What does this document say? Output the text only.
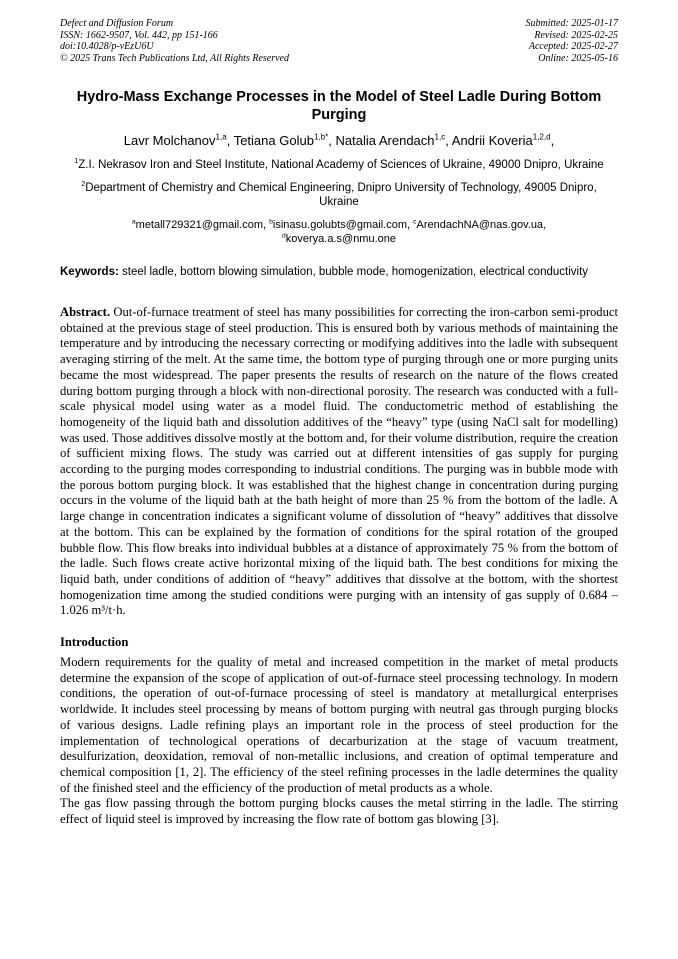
Defect and Diffusion Forum
ISSN: 1662-9507, Vol. 442, pp 151-166
doi:10.4028/p-vEzU6U
© 2025 Trans Tech Publications Ltd, All Rights Reserved
Submitted: 2025-01-17
Revised: 2025-02-25
Accepted: 2025-02-27
Online: 2025-05-16
Hydro-Mass Exchange Processes in the Model of Steel Ladle During Bottom Purging
Lavr Molchanov$^{1,a}$, Tetiana Golub$^{1,b*}$, Natalia Arendach$^{1,c}$, Andrii Koveria$^{1,2,d}$,
$^1$Z.I. Nekrasov Iron and Steel Institute, National Academy of Sciences of Ukraine, 49000 Dnipro, Ukraine
$^2$Department of Chemistry and Chemical Engineering, Dnipro University of Technology, 49005 Dnipro, Ukraine
$^a$metall729321@gmail.com, $^b$isinasu.golubts@gmail.com, $^c$ArendachNA@nas.gov.ua, $^d$koverya.a.s@nmu.one

Keywords: steel ladle, bottom blowing simulation, bubble mode, homogenization, electrical conductivity

Abstract. Out-of-furnace treatment of steel has many possibilities for correcting the iron-carbon semi-product obtained at the previous stage of steel production. This is ensured both by various methods of maintaining the temperature and by introducing the necessary correcting or modifying additives into the ladle with subsequent averaging stirring of the melt. At the same time, the bottom type of purging through one or more purging units became the most widespread. The paper presents the results of research on the nature of the flows created during bottom purging through a block with non-directional porosity. The research was conducted with a full-scale physical model using water as a model fluid. The conductometric method of establishing the homogeneity of the liquid bath and dissolution additives of the “heavy” type (using NaCl salt for modelling) was used. Those additives dissolve mostly at the bottom and, for their volume distribution, require the creation of sufficient mixing flows. The study was carried out at different intensities of gas supply for purging according to the purging modes corresponding to industrial conditions. The purging was in bubble mode with the porous bottom purging block. It was established that the highest change in concentration during purging occurs in the volume of the liquid bath at the bath height of more than 25 % from the bottom of the ladle. A large change in concentration indicates a significant volume of dissolution of “heavy” additives that dissolve at the bottom. This can be explained by the formation of conditions for the spiral rotation of the grouped bubble flow. This flow breaks into individual bubbles at a distance of approximately 75 % from the bottom of the ladle. Such flows create active horizontal mixing of the liquid bath. The best conditions for mixing the liquid bath, under conditions of addition of “heavy” additives that dissolve at the bottom, with the shortest homogenization time among the studied conditions were purging with an intensity of gas supply of 0.684 – 1.026 m³/t·h.

Introduction

Modern requirements for the quality of metal and increased competition in the market of metal products determine the expansion of the scope of application of out-of-furnace steel processing technology. In modern conditions, the operation of out-of-furnace processing of steel is mandatory at metallurgical enterprises worldwide. It includes steel processing by means of bottom purging with neutral gas through purging blocks of various designs. Ladle refining plays an important role in the process of steel production for the implementation of technological operations of decarburization at the stage of vacuum treatment, desulfurization, deoxidation, removal of non-metallic inclusions, and creation of optimal temperature and chemical composition [1, 2]. The efficiency of the steel refining processes in the ladle determines the quality of the finished steel and the efficiency of the production of metal products as a whole.

The gas flow passing through the bottom purging blocks causes the metal stirring in the ladle. The stirring effect of liquid steel is improved by increasing the flow rate of bottom gas blowing [3].
